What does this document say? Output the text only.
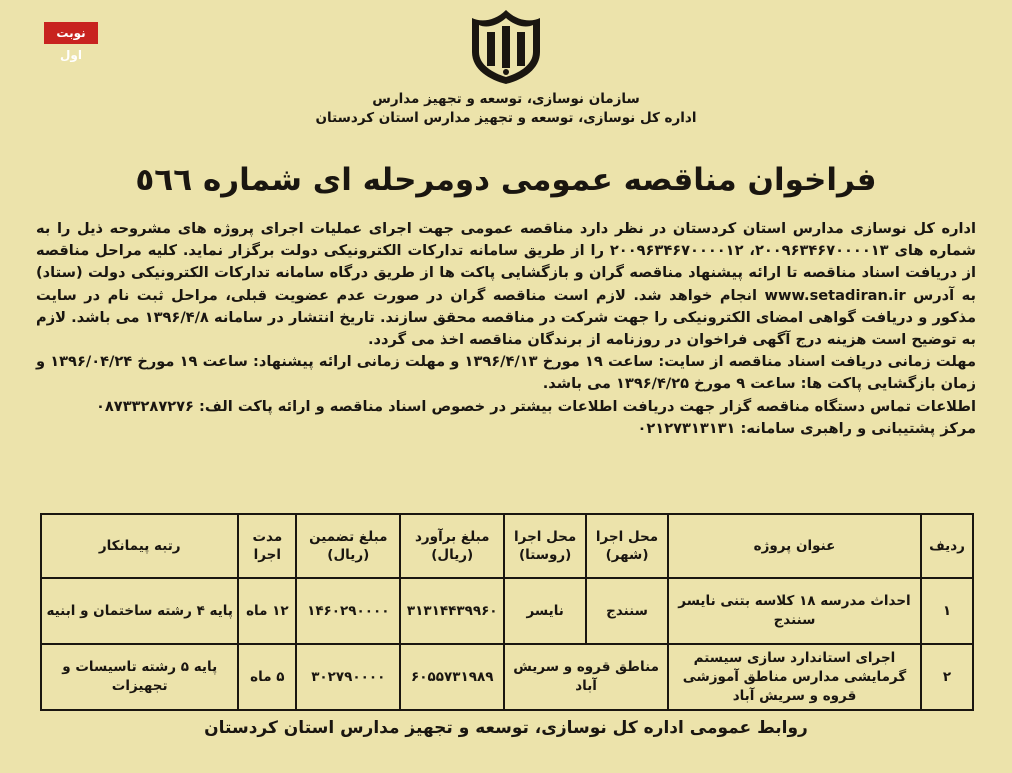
نوبت اول
سازمان نوسازی، توسعه و تجهیز مدارس
اداره کل نوسازی، توسعه و تجهیز مدارس استان کردستان
فراخوان مناقصه عمومی دومرحله ای شماره ٥٦٦

اداره کل نوسازی مدارس استان کردستان در نظر دارد مناقصه عمومی جهت اجرای عملیات اجرای پروژه های مشروحه ذیل را به شماره های ۲۰۰۹۶۳۴۶۷۰۰۰۰۱۳، ۲۰۰۹۶۳۴۶۷۰۰۰۰۱۲ را از طریق سامانه تدارکات الکترونیکی دولت برگزار نماید. کلیه مراحل مناقصه از دریافت اسناد مناقصه تا ارائه پیشنهاد مناقصه گران و بازگشایی پاکت ها از طریق درگاه سامانه تدارکات الکترونیکی دولت (ستاد) به آدرس www.setadiran.ir انجام خواهد شد. لازم است مناقصه گران در صورت عدم عضویت قبلی، مراحل ثبت نام در سایت مذکور و دریافت گواهی امضای الکترونیکی را جهت شرکت در مناقصه محقق سازند. تاریخ انتشار در سامانه ۱۳۹۶/۴/۸ می باشد. لازم به توضیح است هزینه درج آگهی فراخوان در روزنامه از برندگان مناقصه اخذ می گردد.

مهلت زمانی دریافت اسناد مناقصه از سایت: ساعت ۱۹ مورخ ۱۳۹۶/۴/۱۳ و مهلت زمانی ارائه پیشنهاد: ساعت ۱۹ مورخ ۱۳۹۶/۰۴/۲۴ و زمان بازگشایی پاکت ها: ساعت ۹ مورخ ۱۳۹۶/۴/۲۵ می باشد.

اطلاعات تماس دستگاه مناقصه گزار جهت دریافت اطلاعات بیشتر در خصوص اسناد مناقصه و ارائه پاکت الف: ۰۸۷۳۳۲۸۷۲۷۶

مرکز پشتیبانی و راهبری سامانه: ۰۲۱۲۷۳۱۳۱۳۱

ردیف	عنوان پروژه	محل اجرا (شهر)	محل اجرا (روستا)	مبلغ برآورد (ریال)	مبلغ تضمین (ریال)	مدت اجرا	رتبه پیمانکار
۱	احداث مدرسه ۱۸ کلاسه بتنی نایسر سنندج	سنندج	نایسر	۳۱۳۱۴۴۳۹۹۶۰	۱۴۶۰۲۹۰۰۰۰	۱۲ ماه	پایه ۴ رشته ساختمان و ابنیه
۲	اجرای استاندارد سازی سیستم گرمایشی مدارس مناطق آموزشی قروه و سریش آباد	مناطق قروه و سریش آباد		۶۰۵۵۷۳۱۹۸۹	۳۰۲۷۹۰۰۰۰	۵ ماه	پایه ۵ رشته تاسیسات و تجهیزات
روابط عمومی اداره کل نوسازی، توسعه و تجهیز مدارس استان کردستان
